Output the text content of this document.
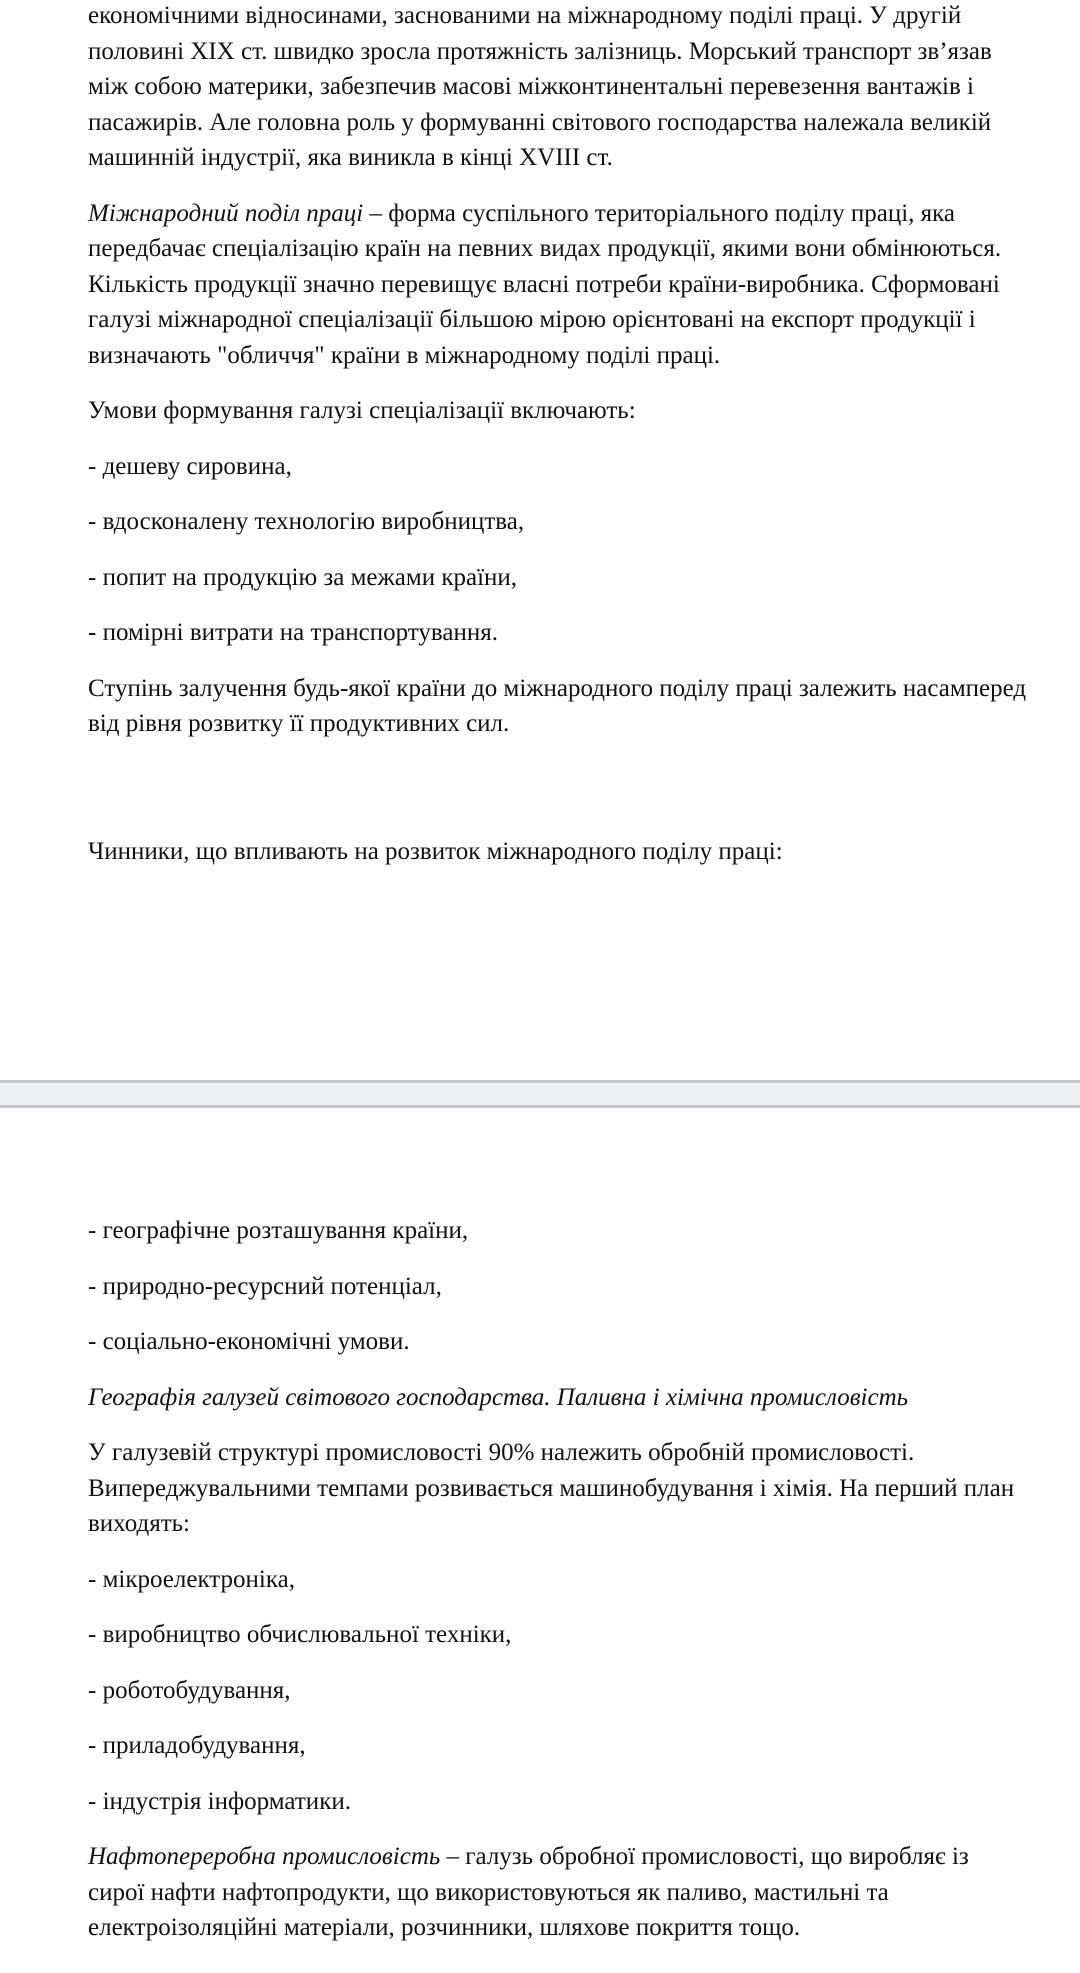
економічними відносинами, заснованими на міжнародному поділі праці. У другій половині XIX ст. швидко зросла протяжність залізниць. Морський транспорт зв’язав між собою материки, забезпечив масові міжконтинентальні перевезення вантажів і пасажирів. Але головна роль у формуванні світового господарства належала великій машинній індустрії, яка виникла в кінці XVIII ст.

Міжнародний поділ праці – форма суспільного територіального поділу праці, яка передбачає спеціалізацію країн на певних видах продукції, якими вони обмінюються. Кількість продукції значно перевищує власні потреби країни-виробника. Сформовані галузі міжнародної спеціалізації більшою мірою орієнтовані на експорт продукції і визначають "обличчя" країни в міжнародному поділі праці.

Умови формування галузі спеціалізації включають:

- дешеву сировина,

- вдосконалену технологію виробництва,

- попит на продукцію за межами країни,

- помірні витрати на транспортування.

Ступінь залучення будь-якої країни до міжнародного поділу праці залежить насамперед від рівня розвитку її продуктивних сил.

Чинники, що впливають на розвиток міжнародного поділу праці:

- географічне розташування країни,

- природно-ресурсний потенціал,

- соціально-економічні умови.

Географія галузей світового господарства. Паливна і хімічна промисловість

У галузевій структурі промисловості 90% належить обробній промисловості. Випереджувальними темпами розвивається машинобудування і хімія. На перший план виходять:

- мікроелектроніка,

- виробництво обчислювальної техніки,

- роботобудування,

- приладобудування,

- індустрія інформатики.

Нафтопереробна промисловість – галузь обробної промисловості, що виробляє із сирої нафти нафтопродукти, що використовуються як паливо, мастильні та електроізоляційні матеріали, розчинники, шляхове покриття тощо.
